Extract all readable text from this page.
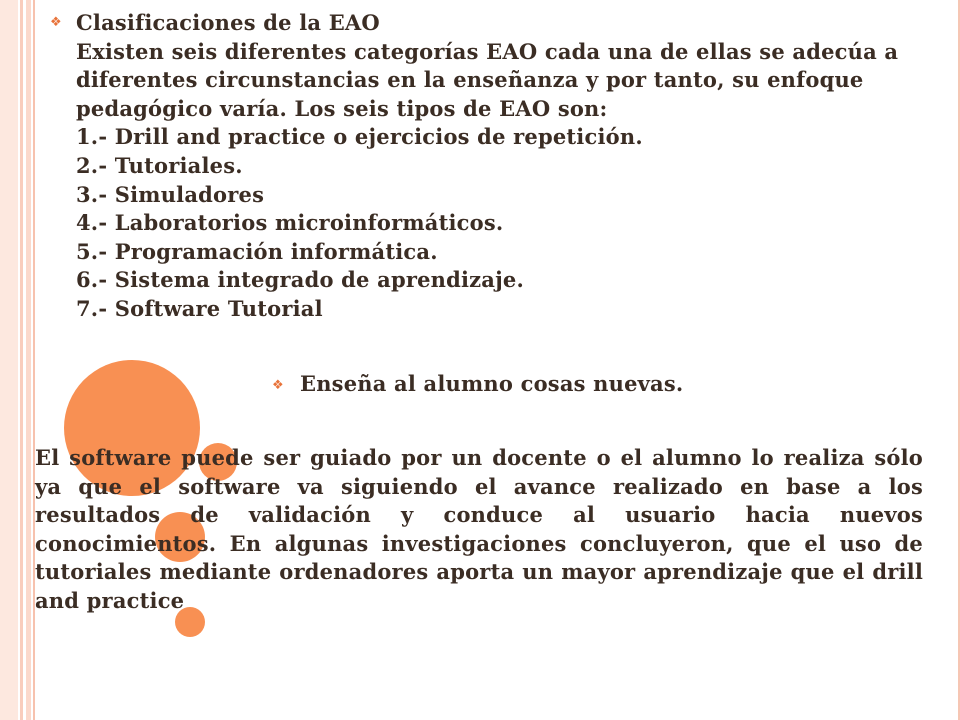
❖ Clasificaciones de la EAO
Existen seis diferentes categorías EAO cada una de ellas se adecúa a
diferentes circunstancias en la enseñanza y por tanto, su enfoque
pedagógico varía. Los seis tipos de EAO son:
1.- Drill and practice o ejercicios de repetición.
2.- Tutoriales.
3.- Simuladores
4.- Laboratorios microinformáticos.
5.- Programación informática.
6.- Sistema integrado de aprendizaje.
7.- Software Tutorial
❖ Enseña al alumno cosas nuevas.
El software puede ser guiado por un docente o el alumno lo realiza sólo ya que el software va siguiendo el avance realizado en base a los resultados de validación y conduce al usuario hacia nuevos conocimientos. En algunas investigaciones concluyeron, que el uso de tutoriales mediante ordenadores aporta un mayor aprendizaje que el drill and practice
